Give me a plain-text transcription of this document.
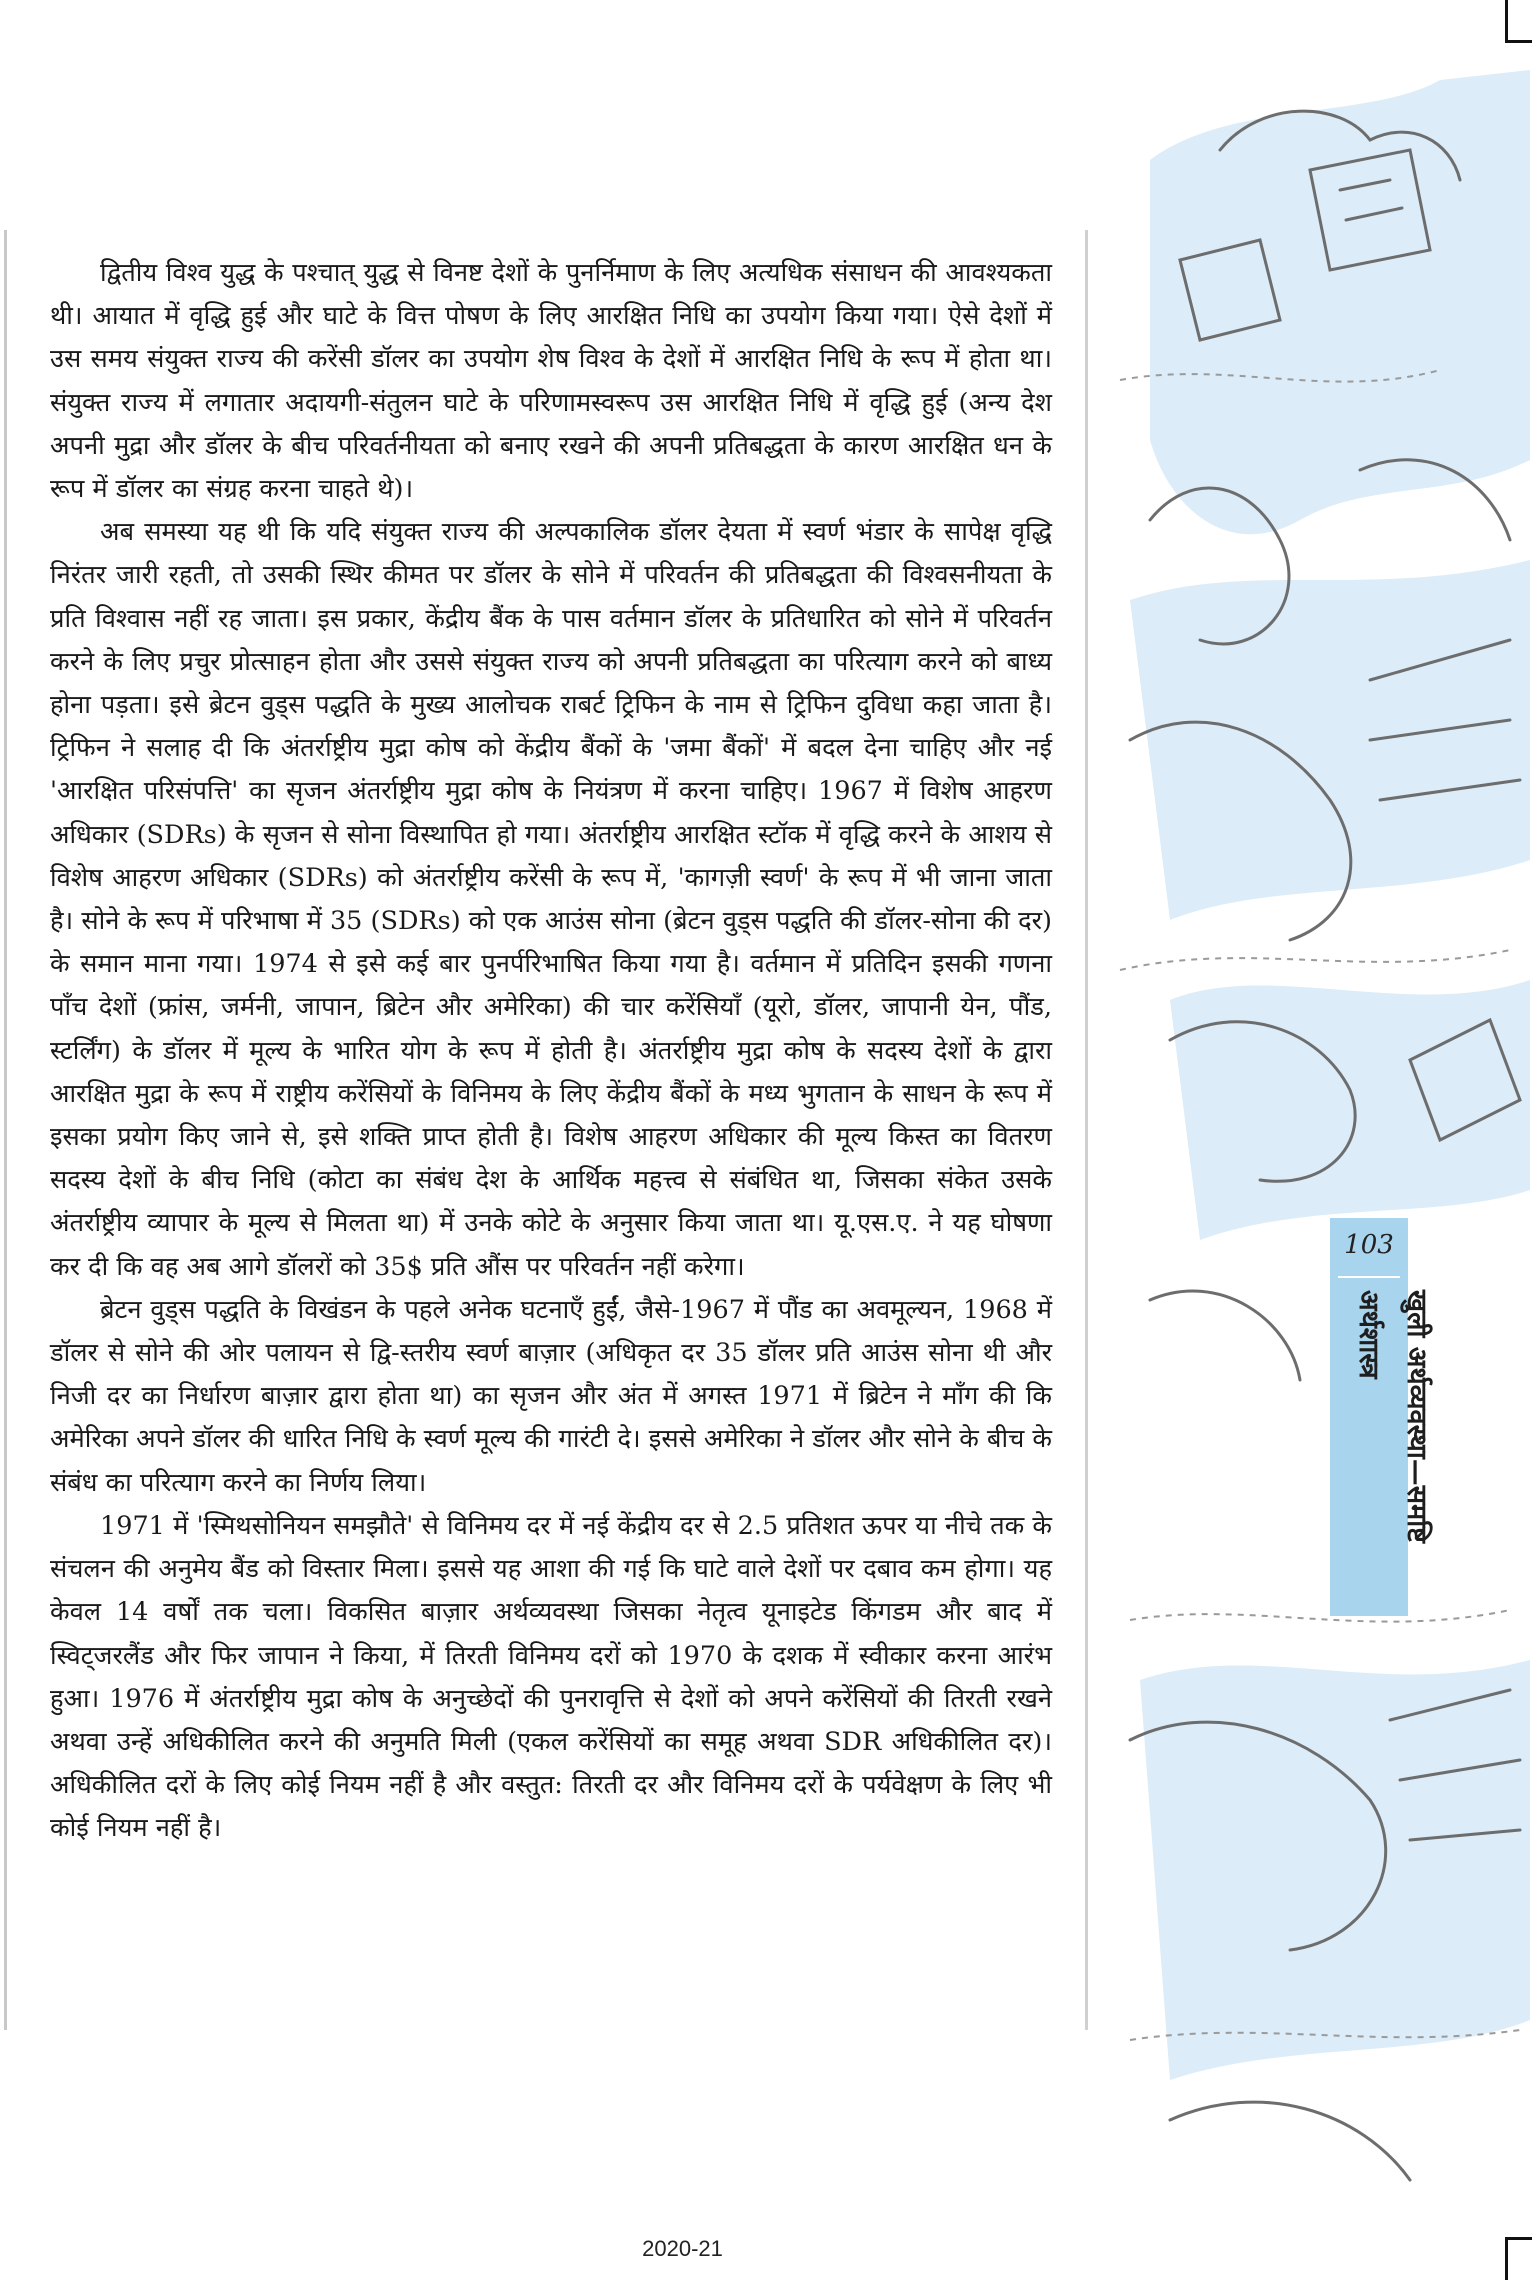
द्वितीय विश्व युद्ध के पश्चात् युद्ध से विनष्ट देशों के पुनर्निमाण के लिए अत्यधिक संसाधन की आवश्यकता थी। आयात में वृद्धि हुई और घाटे के वित्त पोषण के लिए आरक्षित निधि का उपयोग किया गया। ऐसे देशों में उस समय संयुक्त राज्य की करेंसी डॉलर का उपयोग शेष विश्व के देशों में आरक्षित निधि के रूप में होता था। संयुक्त राज्य में लगातार अदायगी-संतुलन घाटे के परिणामस्वरूप उस आरक्षित निधि में वृद्धि हुई (अन्य देश अपनी मुद्रा और डॉलर के बीच परिवर्तनीयता को बनाए रखने की अपनी प्रतिबद्धता के कारण आरक्षित धन के रूप में डॉलर का संग्रह करना चाहते थे)।

अब समस्या यह थी कि यदि संयुक्त राज्य की अल्पकालिक डॉलर देयता में स्वर्ण भंडार के सापेक्ष वृद्धि निरंतर जारी रहती, तो उसकी स्थिर कीमत पर डॉलर के सोने में परिवर्तन की प्रतिबद्धता की विश्वसनीयता के प्रति विश्वास नहीं रह जाता। इस प्रकार, केंद्रीय बैंक के पास वर्तमान डॉलर के प्रतिधारित को सोने में परिवर्तन करने के लिए प्रचुर प्रोत्साहन होता और उससे संयुक्त राज्य को अपनी प्रतिबद्धता का परित्याग करने को बाध्य होना पड़ता। इसे ब्रेटन वुड्स पद्धति के मुख्य आलोचक राबर्ट ट्रिफिन के नाम से ट्रिफिन दुविधा कहा जाता है। ट्रिफिन ने सलाह दी कि अंतर्राष्ट्रीय मुद्रा कोष को केंद्रीय बैंकों के 'जमा बैंकों' में बदल देना चाहिए और नई 'आरक्षित परिसंपत्ति' का सृजन अंतर्राष्ट्रीय मुद्रा कोष के नियंत्रण में करना चाहिए। 1967 में विशेष आहरण अधिकार (SDRs) के सृजन से सोना विस्थापित हो गया। अंतर्राष्ट्रीय आरक्षित स्टॉक में वृद्धि करने के आशय से विशेष आहरण अधिकार (SDRs) को अंतर्राष्ट्रीय करेंसी के रूप में, 'कागज़ी स्वर्ण' के रूप में भी जाना जाता है। सोने के रूप में परिभाषा में 35 (SDRs) को एक आउंस सोना (ब्रेटन वुड्स पद्धति की डॉलर-सोना की दर) के समान माना गया। 1974 से इसे कई बार पुनर्परिभाषित किया गया है। वर्तमान में प्रतिदिन इसकी गणना पाँच देशों (फ्रांस, जर्मनी, जापान, ब्रिटेन और अमेरिका) की चार करेंसियाँ (यूरो, डॉलर, जापानी येन, पौंड, स्टर्लिंग) के डॉलर में मूल्य के भारित योग के रूप में होती है। अंतर्राष्ट्रीय मुद्रा कोष के सदस्य देशों के द्वारा आरक्षित मुद्रा के रूप में राष्ट्रीय करेंसियों के विनिमय के लिए केंद्रीय बैंकों के मध्य भुगतान के साधन के रूप में इसका प्रयोग किए जाने से, इसे शक्ति प्राप्त होती है। विशेष आहरण अधिकार की मूल्य किस्त का वितरण सदस्य देशों के बीच निधि (कोटा का संबंध देश के आर्थिक महत्त्व से संबंधित था, जिसका संकेत उसके अंतर्राष्ट्रीय व्यापार के मूल्य से मिलता था) में उनके कोटे के अनुसार किया जाता था। यू.एस.ए. ने यह घोषणा कर दी कि वह अब आगे डॉलरों को 35$ प्रति औंस पर परिवर्तन नहीं करेगा।

ब्रेटन वुड्स पद्धति के विखंडन के पहले अनेक घटनाएँ हुईं, जैसे-1967 में पौंड का अवमूल्यन, 1968 में डॉलर से सोने की ओर पलायन से द्वि-स्तरीय स्वर्ण बाज़ार (अधिकृत दर 35 डॉलर प्रति आउंस सोना थी और निजी दर का निर्धारण बाज़ार द्वारा होता था) का सृजन और अंत में अगस्त 1971 में ब्रिटेन ने माँग की कि अमेरिका अपने डॉलर की धारित निधि के स्वर्ण मूल्य की गारंटी दे। इससे अमेरिका ने डॉलर और सोने के बीच के संबंध का परित्याग करने का निर्णय लिया।

1971 में 'स्मिथसोनियन समझौते' से विनिमय दर में नई केंद्रीय दर से 2.5 प्रतिशत ऊपर या नीचे तक के संचलन की अनुमेय बैंड को विस्तार मिला। इससे यह आशा की गई कि घाटे वाले देशों पर दबाव कम होगा। यह केवल 14 वर्षों तक चला। विकसित बाज़ार अर्थव्यवस्था जिसका नेतृत्व यूनाइटेड किंगडम और बाद में स्विट्जरलैंड और फिर जापान ने किया, में तिरती विनिमय दरों को 1970 के दशक में स्वीकार करना आरंभ हुआ। 1976 में अंतर्राष्ट्रीय मुद्रा कोष के अनुच्छेदों की पुनरावृत्ति से देशों को अपने करेंसियों की तिरती रखने अथवा उन्हें अधिकीलित करने की अनुमति मिली (एकल करेंसियों का समूह अथवा SDR अधिकीलित दर)। अधिकीलित दरों के लिए कोई नियम नहीं है और वस्तुत: तिरती दर और विनिमय दरों के पर्यवेक्षण के लिए भी कोई नियम नहीं है।

103
खुली अर्थव्यवस्था—समष्टि अर्थशास्त्र
2020-21
